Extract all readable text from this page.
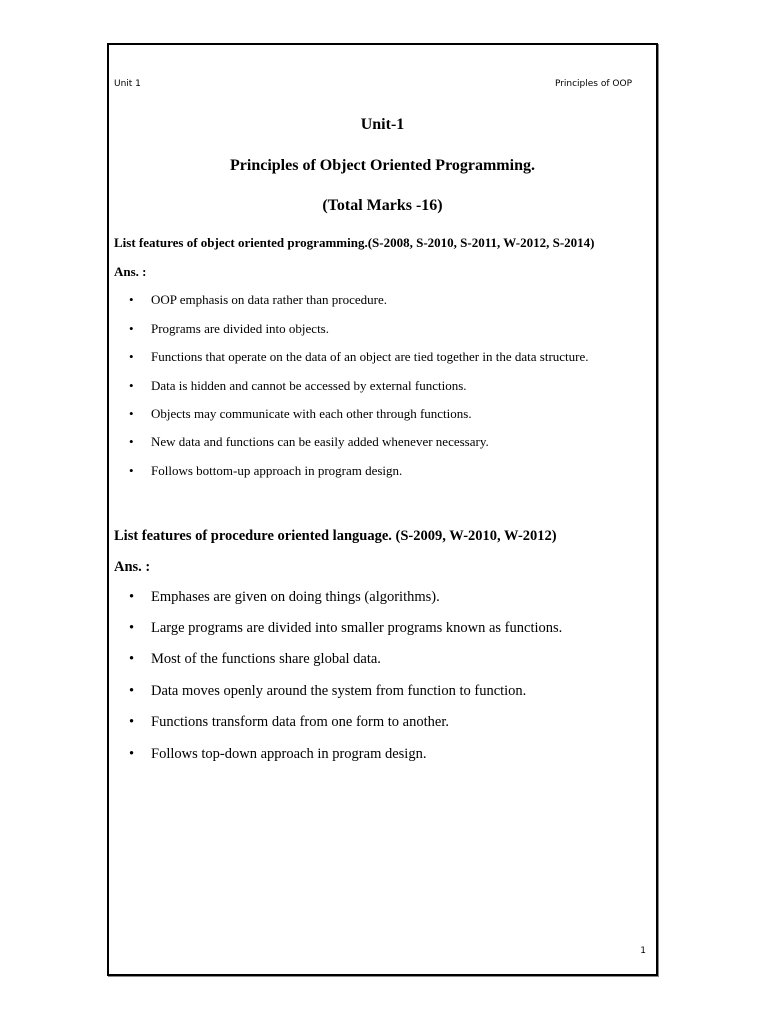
Unit 1	Principles of OOP
Unit-1
Principles of Object Oriented Programming.
(Total Marks -16)
List features of object oriented programming.(S-2008, S-2010, S-2011, W-2012, S-2014)
Ans. :
• OOP emphasis on data rather than procedure.
• Programs are divided into objects.
• Functions that operate on the data of an object are tied together in the data structure.
• Data is hidden and cannot be accessed by external functions.
• Objects may communicate with each other through functions.
• New data and functions can be easily added whenever necessary.
• Follows bottom-up approach in program design.
List features of procedure oriented language. (S-2009, W-2010, W-2012)
Ans. :
• Emphases are given on doing things (algorithms).
• Large programs are divided into smaller programs known as functions.
• Most of the functions share global data.
• Data moves openly around the system from function to function.
• Functions transform data from one form to another.
• Follows top-down approach in program design.
1
